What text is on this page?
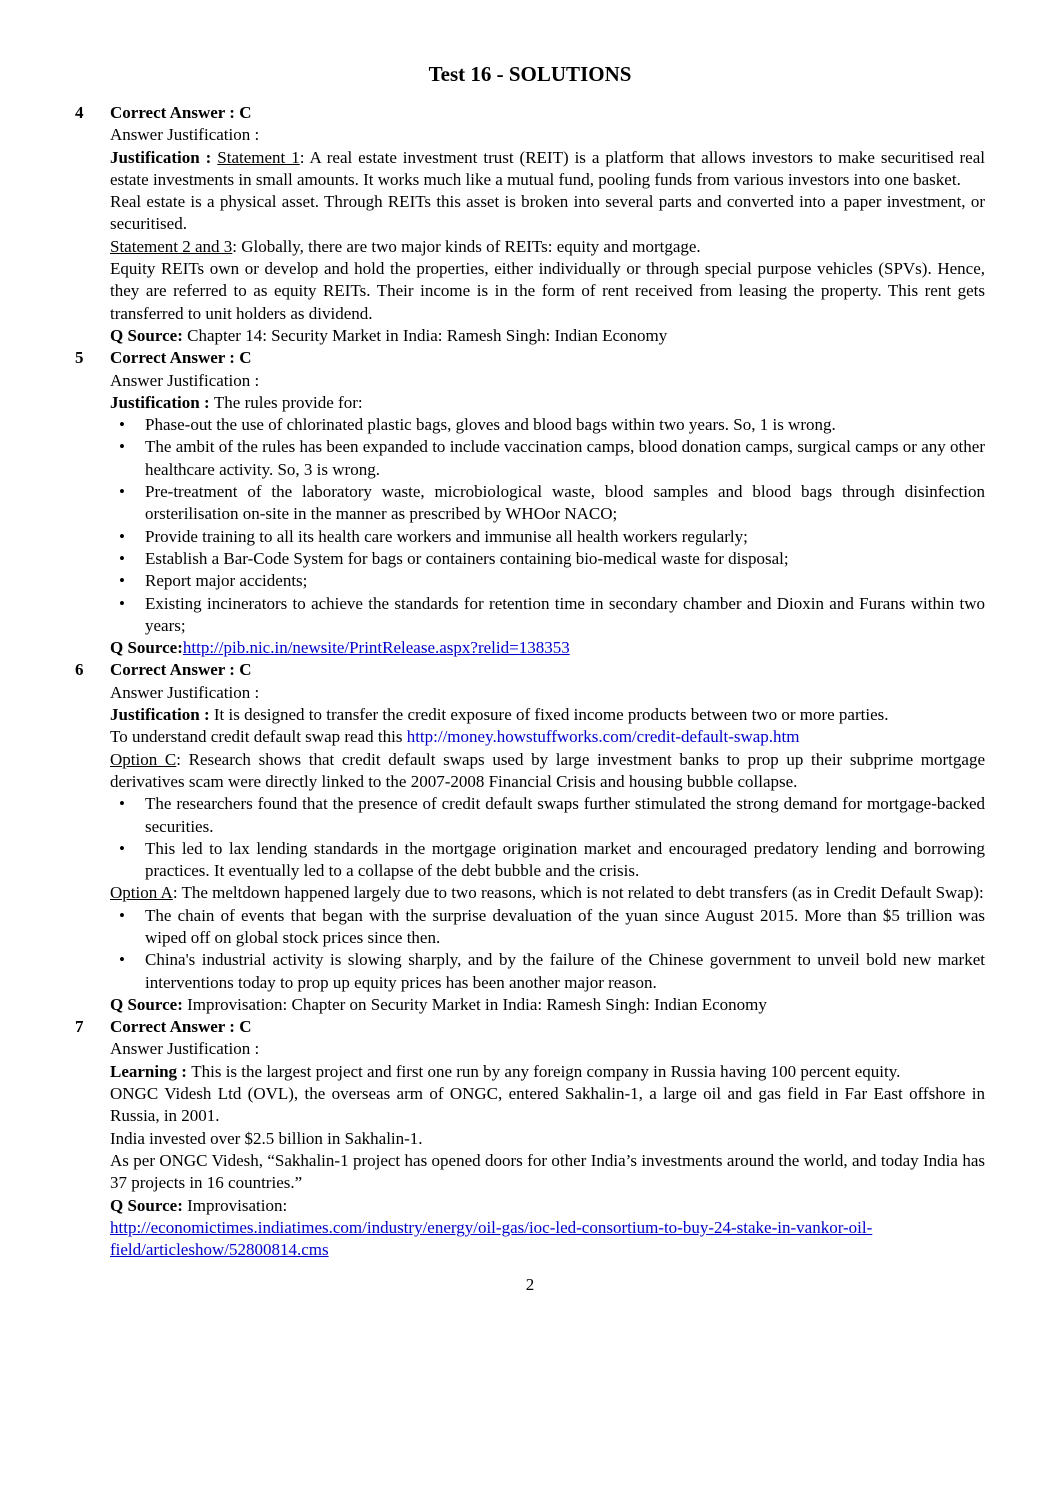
Test 16 - SOLUTIONS
4	Correct Answer : C
Answer Justification :
Justification : Statement 1: A real estate investment trust (REIT) is a platform that allows investors to make securitised real estate investments in small amounts. It works much like a mutual fund, pooling funds from various investors into one basket.
Real estate is a physical asset. Through REITs this asset is broken into several parts and converted into a paper investment, or securitised.
Statement 2 and 3: Globally, there are two major kinds of REITs: equity and mortgage.
Equity REITs own or develop and hold the properties, either individually or through special purpose vehicles (SPVs). Hence, they are referred to as equity REITs. Their income is in the form of rent received from leasing the property. This rent gets transferred to unit holders as dividend.
Q Source: Chapter 14: Security Market in India: Ramesh Singh: Indian Economy
5	Correct Answer : C
Answer Justification :
Justification : The rules provide for:
• Phase-out the use of chlorinated plastic bags, gloves and blood bags within two years. So, 1 is wrong.
• The ambit of the rules has been expanded to include vaccination camps, blood donation camps, surgical camps or any other healthcare activity. So, 3 is wrong.
• Pre-treatment of the laboratory waste, microbiological waste, blood samples and blood bags through disinfection orsterilisation on-site in the manner as prescribed by WHOor NACO;
• Provide training to all its health care workers and immunise all health workers regularly;
• Establish a Bar-Code System for bags or containers containing bio-medical waste for disposal;
• Report major accidents;
• Existing incinerators to achieve the standards for retention time in secondary chamber and Dioxin and Furans within two years;
Q Source:http://pib.nic.in/newsite/PrintRelease.aspx?relid=138353
6	Correct Answer : C
Answer Justification :
Justification : It is designed to transfer the credit exposure of fixed income products between two or more parties.
To understand credit default swap read this http://money.howstuffworks.com/credit-default-swap.htm
Option C: Research shows that credit default swaps used by large investment banks to prop up their subprime mortgage derivatives scam were directly linked to the 2007-2008 Financial Crisis and housing bubble collapse.
• The researchers found that the presence of credit default swaps further stimulated the strong demand for mortgage-backed securities.
• This led to lax lending standards in the mortgage origination market and encouraged predatory lending and borrowing practices. It eventually led to a collapse of the debt bubble and the crisis.
Option A: The meltdown happened largely due to two reasons, which is not related to debt transfers (as in Credit Default Swap):
• The chain of events that began with the surprise devaluation of the yuan since August 2015. More than $5 trillion was wiped off on global stock prices since then.
• China's industrial activity is slowing sharply, and by the failure of the Chinese government to unveil bold new market interventions today to prop up equity prices has been another major reason.
Q Source: Improvisation: Chapter on Security Market in India: Ramesh Singh: Indian Economy
7	Correct Answer : C
Answer Justification :
Learning : This is the largest project and first one run by any foreign company in Russia having 100 percent equity.
ONGC Videsh Ltd (OVL), the overseas arm of ONGC, entered Sakhalin-1, a large oil and gas field in Far East offshore in Russia, in 2001.
India invested over $2.5 billion in Sakhalin-1.
As per ONGC Videsh, “Sakhalin-1 project has opened doors for other India’s investments around the world, and today India has 37 projects in 16 countries.”
Q Source: Improvisation:
http://economictimes.indiatimes.com/industry/energy/oil-gas/ioc-led-consortium-to-buy-24-stake-in-vankor-oil-field/articleshow/52800814.cms
2
